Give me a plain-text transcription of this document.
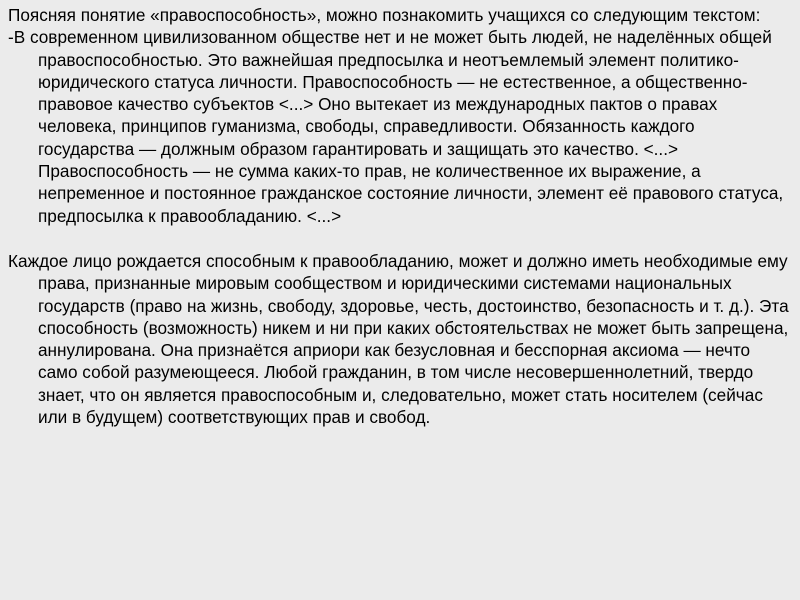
Поясняя понятие «правоспособность», можно познакомить учащихся со следующим текстом:

-В современном цивилизованном обществе нет и не может быть людей, не наделённых общей правоспособностью. Это важнейшая предпосылка и неотъемлемый элемент политико-юридического статуса личности. Правоспособность — не естественное, а общественно-правовое качество субъектов <...> Оно вытекает из международных пактов о правах человека, принципов гуманизма, свободы, справедливости. Обязанность каждого государства — должным образом гарантировать и защищать это качество. <...> Правоспособность — не сумма каких-то прав, не количественное их выражение, а непременное и постоянное гражданское состояние личности, элемент её правового статуса, предпосылка к правообладанию. <...>

Каждое лицо рождается способным к правообладанию, может и должно иметь необходимые ему права, признанные мировым сообществом и юридическими системами национальных государств (право на жизнь, свободу, здоровье, честь, достоинство, безопасность и т. д.). Эта способность (возможность) никем и ни при каких обстоятельствах не может быть запрещена, аннулирована. Она признаётся априори как безусловная и бесспорная аксиома — нечто само собой разумеющееся. Любой гражданин, в том числе несовершеннолетний, твердо знает, что он является правоспособным и, следовательно, может стать носителем (сейчас или в будущем) соответствующих прав и свобод.
